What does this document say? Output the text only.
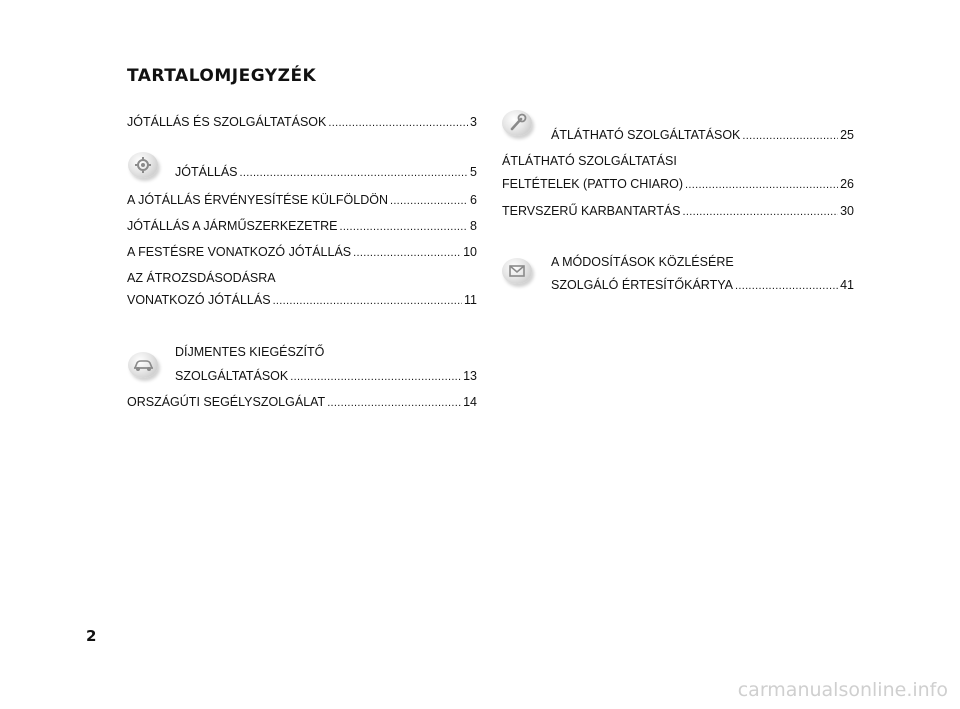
TARTALOMJEGYZÉK
JÓTÁLLÁS ÉS SZOLGÁLTATÁSOK .....	3
JÓTÁLLÁS .....	5
A JÓTÁLLÁS ÉRVÉNYESÍTÉSE KÜLFÖLDÖN .....	6
JÓTÁLLÁS A JÁRMŰSZERKEZETRE .....	8
A FESTÉSRE VONATKOZÓ JÓTÁLLÁS .....	10
AZ ÁTROZSDÁSODÁSRA
VONATKOZÓ JÓTÁLLÁS .....	11
DÍJMENTES KIEGÉSZÍTŐ
SZOLGÁLTATÁSOK .....	13
ORSZÁGÚTI SEGÉLYSZOLGÁLAT .....	14
ÁTLÁTHATÓ SZOLGÁLTATÁSOK .....	25
ÁTLÁTHATÓ SZOLGÁLTATÁSI
FELTÉTELEK (PATTO CHIARO) .....	26
TERVSZERŰ KARBANTARTÁS .....	30
A MÓDOSÍTÁSOK KÖZLÉSÉRE
SZOLGÁLÓ ÉRTESÍTŐKÁRTYA .....	41
2
carmanualsonline.info
